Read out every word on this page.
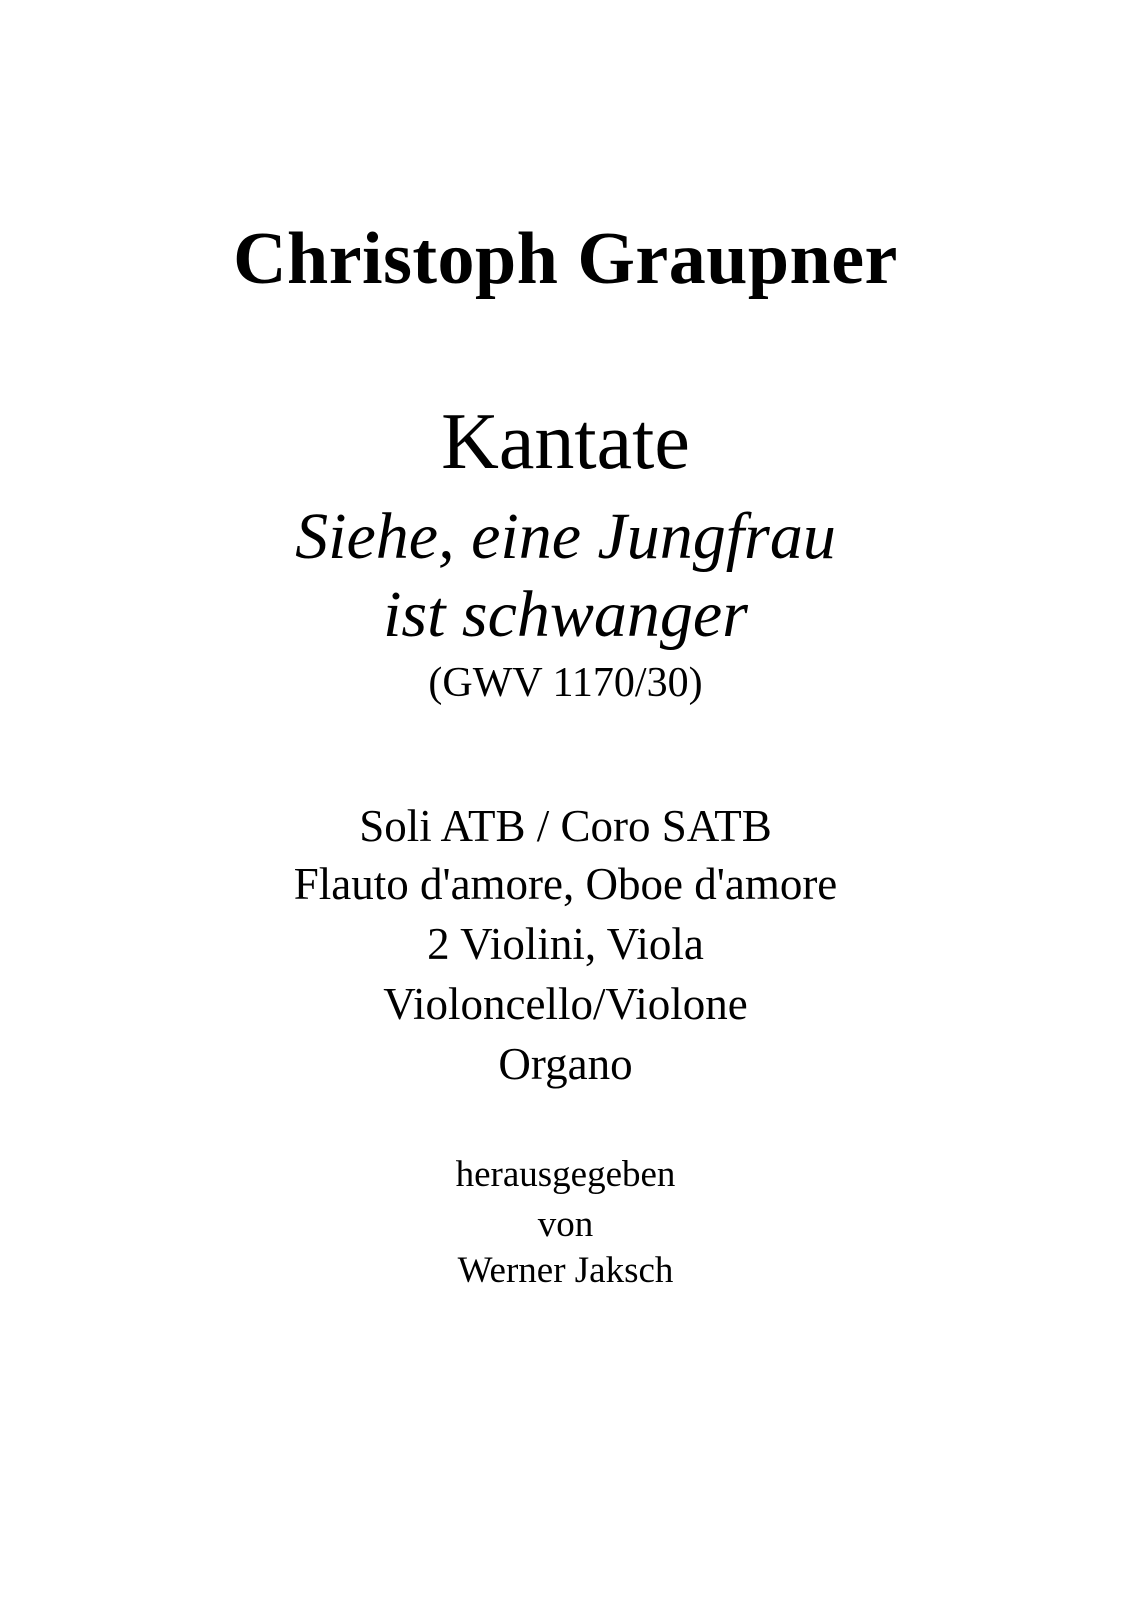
Christoph Graupner
Kantate
Siehe, eine Jungfrau
ist schwanger
(GWV 1170/30)
Soli ATB / Coro SATB
Flauto d'amore, Oboe d'amore
2 Violini, Viola
Violoncello/Violone
Organo
herausgegeben
von
Werner Jaksch
